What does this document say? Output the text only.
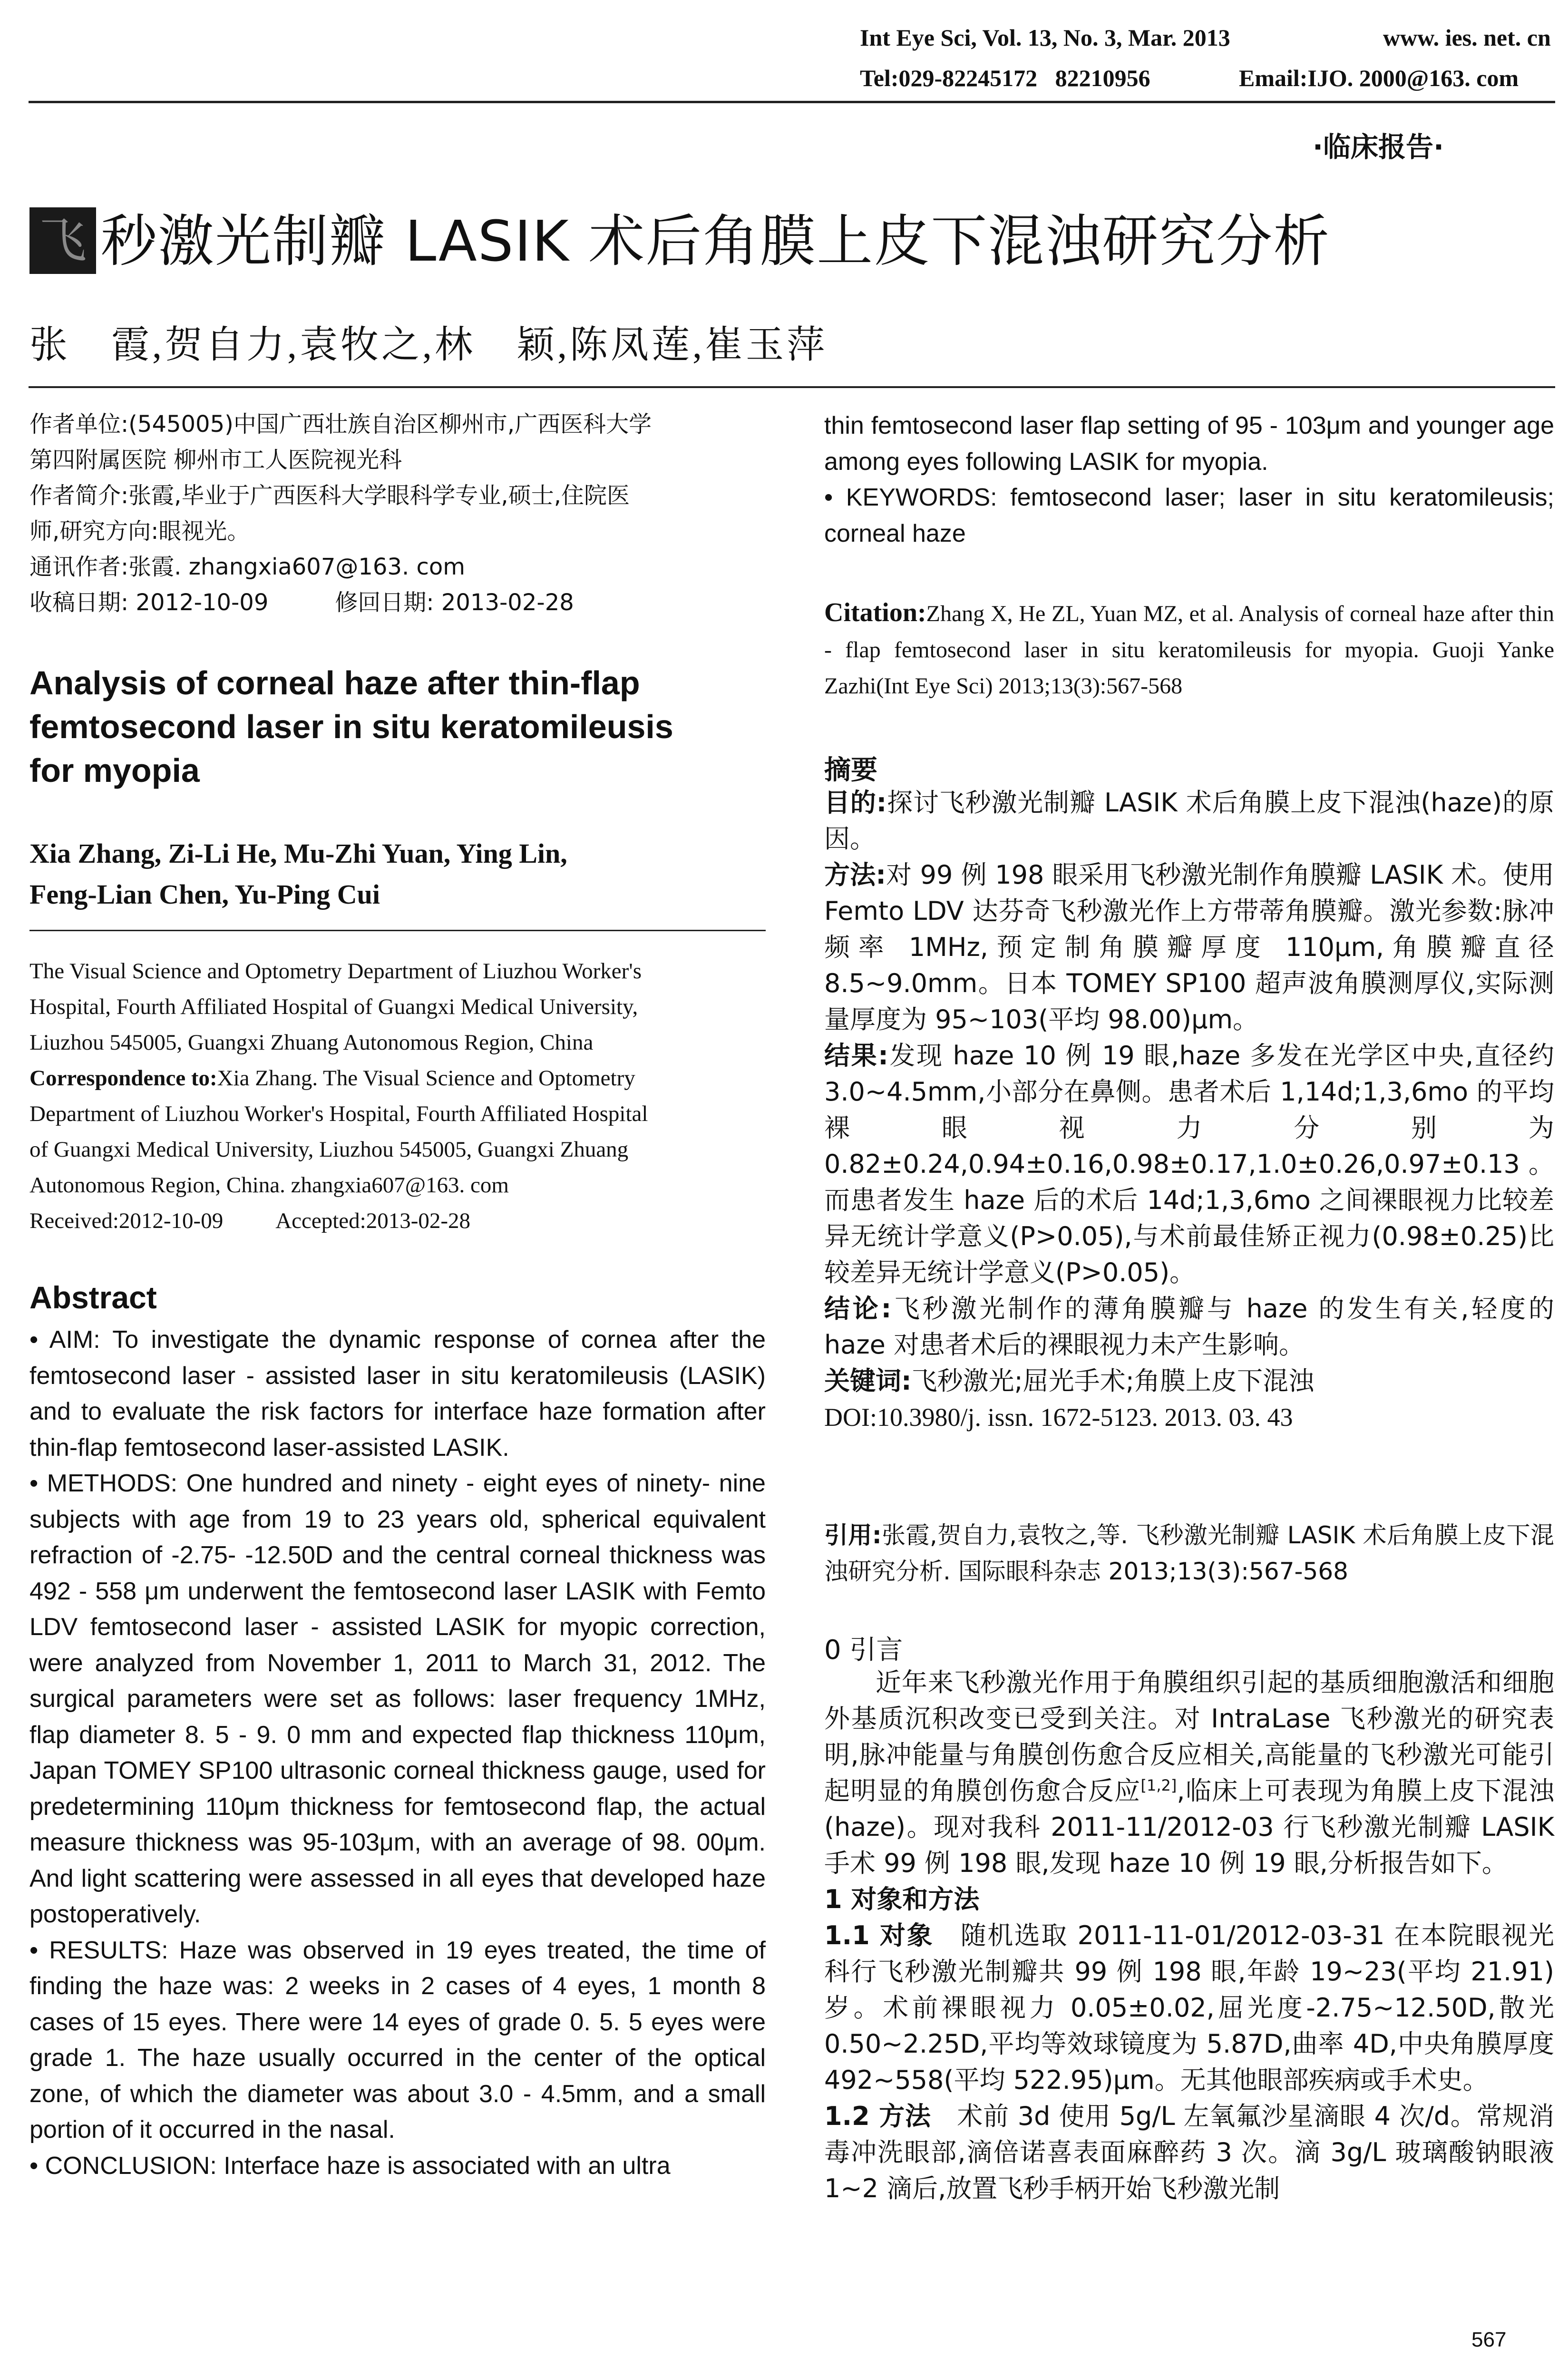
Int Eye Sci, Vol. 13, No. 3, Mar. 2013	www. ies. net. cn
Tel:029-82245172   82210956	Email:IJO. 2000@163. com
·临床报告·
飞 秒激光制瓣 LASIK 术后角膜上皮下混浊研究分析
张　霞,贺自力,袁牧之,林　颖,陈凤莲,崔玉萍

作者单位:(545005)中国广西壮族自治区柳州市,广西医科大学

第四附属医院 柳州市工人医院视光科

作者简介:张霞,毕业于广西医科大学眼科学专业,硕士,住院医

师,研究方向:眼视光。

通讯作者:张霞. zhangxia607@163. com

收稿日期: 2012-10-09	修回日期: 2013-02-28

Analysis of corneal haze after thin-flap

femtosecond laser in situ keratomileusis

for myopia

Xia Zhang, Zi-Li He, Mu-Zhi Yuan, Ying Lin,

Feng-Lian Chen, Yu-Ping Cui

The Visual Science and Optometry Department of Liuzhou Worker's

Hospital, Fourth Affiliated Hospital of Guangxi Medical University,

Liuzhou 545005, Guangxi Zhuang Autonomous Region, China

Correspondence to:Xia Zhang. The Visual Science and Optometry

Department of Liuzhou Worker's Hospital, Fourth Affiliated Hospital

of Guangxi Medical University, Liuzhou 545005, Guangxi Zhuang

Autonomous Region, China. zhangxia607@163. com

Received:2012-10-09 Accepted:2013-02-28

Abstract

• AIM: To investigate the dynamic response of cornea after the femtosecond laser - assisted laser in situ keratomileusis (LASIK) and to evaluate the risk factors for interface haze formation after thin-flap femtosecond laser-assisted LASIK.

• METHODS: One hundred and ninety - eight eyes of ninety- nine subjects with age from 19 to 23 years old, spherical equivalent refraction of -2.75- -12.50D and the central corneal thickness was 492 - 558 μm underwent the femtosecond laser LASIK with Femto LDV femtosecond laser - assisted LASIK for myopic correction, were analyzed from November 1, 2011 to March 31, 2012. The surgical parameters were set as follows: laser frequency 1MHz, flap diameter 8. 5 - 9. 0 mm and expected flap thickness 110μm, Japan TOMEY SP100 ultrasonic corneal thickness gauge, used for predetermining 110μm thickness for femtosecond flap, the actual measure thickness was 95-103μm, with an average of 98. 00μm. And light scattering were assessed in all eyes that developed haze postoperatively.

• RESULTS: Haze was observed in 19 eyes treated, the time of finding the haze was: 2 weeks in 2 cases of 4 eyes, 1 month 8 cases of 15 eyes. There were 14 eyes of grade 0. 5. 5 eyes were grade 1. The haze usually occurred in the center of the optical zone, of which the diameter was about 3.0 - 4.5mm, and a small portion of it occurred in the nasal.

• CONCLUSION: Interface haze is associated with an ultra

thin femtosecond laser flap setting of 95 - 103μm and younger age among eyes following LASIK for myopia.

• KEYWORDS: femtosecond laser; laser in situ keratomileusis; corneal haze

Citation:Zhang X, He ZL, Yuan MZ, et al. Analysis of corneal haze after thin - flap femtosecond laser in situ keratomileusis for myopia. Guoji Yanke Zazhi(Int Eye Sci) 2013;13(3):567-568
摘要

目的:探讨飞秒激光制瓣 LASIK 术后角膜上皮下混浊(haze)的原因。

方法:对 99 例 198 眼采用飞秒激光制作角膜瓣 LASIK 术。使用 Femto LDV 达芬奇飞秒激光作上方带蒂角膜瓣。激光参数:脉冲频率 1MHz,预定制角膜瓣厚度 110μm,角膜瓣直径 8.5~9.0mm。日本 TOMEY SP100 超声波角膜测厚仪,实际测量厚度为 95~103(平均 98.00)μm。

结果:发现 haze 10 例 19 眼,haze 多发在光学区中央,直径约 3.0~4.5mm,小部分在鼻侧。患者术后 1,14d;1,3,6mo 的平均裸眼视力分别为 0.82±0.24,0.94±0.16,0.98±0.17,1.0±0.26,0.97±0.13。而患者发生 haze 后的术后 14d;1,3,6mo 之间裸眼视力比较差异无统计学意义(P>0.05),与术前最佳矫正视力(0.98±0.25)比较差异无统计学意义(P>0.05)。

结论:飞秒激光制作的薄角膜瓣与 haze 的发生有关,轻度的 haze 对患者术后的裸眼视力未产生影响。

关键词:飞秒激光;屈光手术;角膜上皮下混浊

DOI:10.3980/j. issn. 1672-5123. 2013. 03. 43

引用:张霞,贺自力,袁牧之,等. 飞秒激光制瓣 LASIK 术后角膜上皮下混浊研究分析. 国际眼科杂志 2013;13(3):567-568
0 引言

近年来飞秒激光作用于角膜组织引起的基质细胞激活和细胞外基质沉积改变已受到关注。对 IntraLase 飞秒激光的研究表明,脉冲能量与角膜创伤愈合反应相关,高能量的飞秒激光可能引起明显的角膜创伤愈合反应[1,2],临床上可表现为角膜上皮下混浊(haze)。现对我科 2011-11/2012-03 行飞秒激光制瓣 LASIK 手术 99 例 198 眼,发现 haze 10 例 19 眼,分析报告如下。

1 对象和方法

1.1 对象　随机选取 2011-11-01/2012-03-31 在本院眼视光科行飞秒激光制瓣共 99 例 198 眼,年龄 19~23(平均 21.91)岁。术前裸眼视力 0.05±0.02,屈光度-2.75~12.50D,散光 0.50~2.25D,平均等效球镜度为 5.87D,曲率 4D,中央角膜厚度 492~558(平均 522.95)μm。无其他眼部疾病或手术史。

1.2 方法　术前 3d 使用 5g/L 左氧氟沙星滴眼 4 次/d。常规消毒冲洗眼部,滴倍诺喜表面麻醉药 3 次。滴 3g/L 玻璃酸钠眼液 1~2 滴后,放置飞秒手柄开始飞秒激光制

567
